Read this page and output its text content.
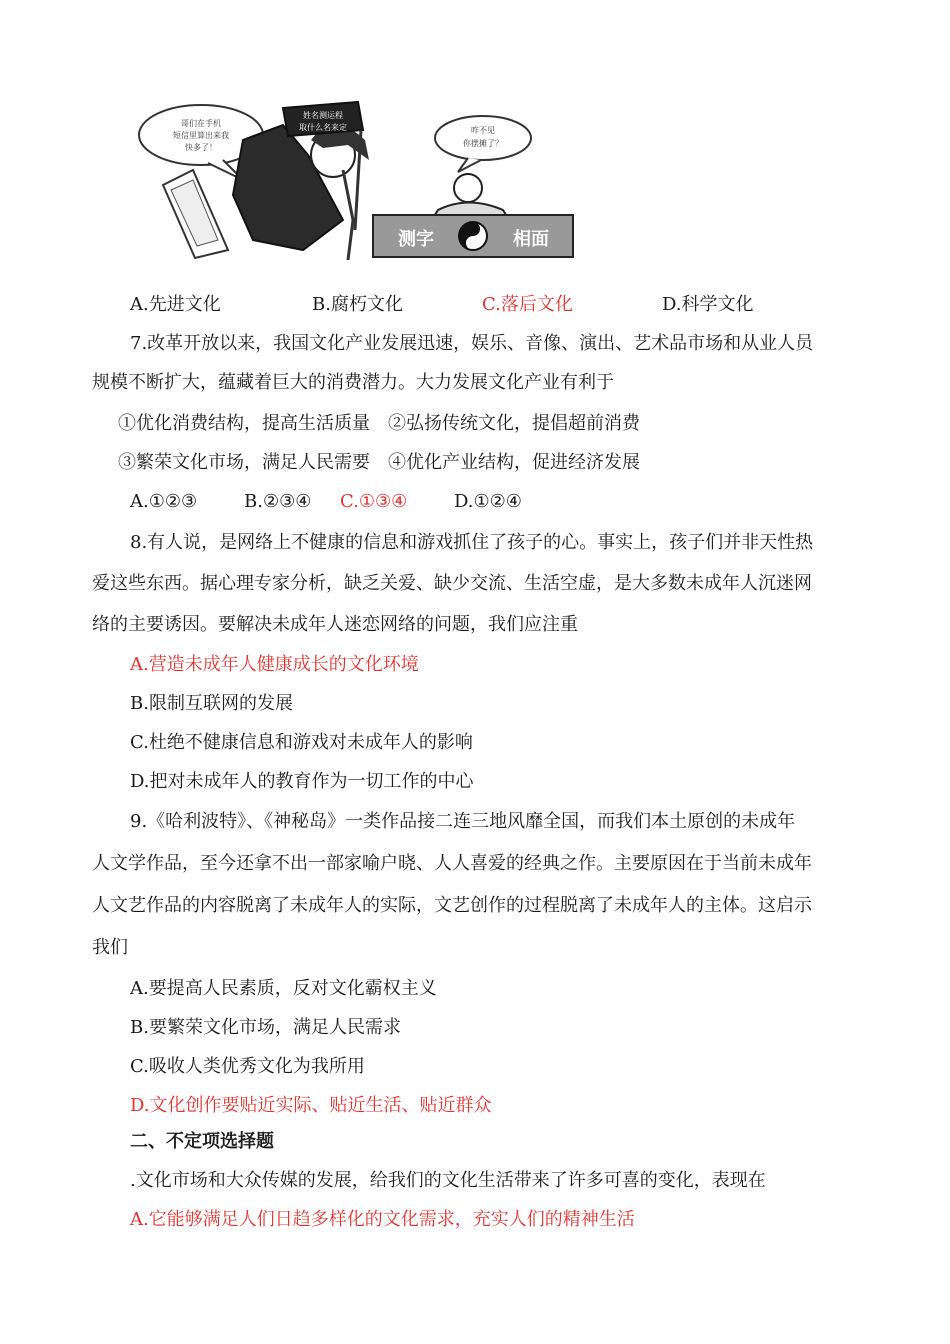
哥们在手机
短信里算出来我
快多了！
姓名测运程
取什么名来定	咋不见
你摆摊了？
测字	相面
A.先进文化	B.腐朽文化	C.落后文化	D.科学文化
7.改革开放以来，我国文化产业发展迅速，娱乐、音像、演出、艺术品市场和从业人员
规模不断扩大，蕴藏着巨大的消费潜力。大力发展文化产业有利于
①优化消费结构，提高生活质量　②弘扬传统文化，提倡超前消费
③繁荣文化市场，满足人民需要　④优化产业结构，促进经济发展
A.①②③	B.②③④ C.①③④	D.①②④
8.有人说，是网络上不健康的信息和游戏抓住了孩子的心。事实上，孩子们并非天性热
爱这些东西。据心理专家分析，缺乏关爱、缺少交流、生活空虚，是大多数未成年人沉迷网
络的主要诱因。要解决未成年人迷恋网络的问题，我们应注重
A.营造未成年人健康成长的文化环境
B.限制互联网的发展
C.杜绝不健康信息和游戏对未成年人的影响
D.把对未成年人的教育作为一切工作的中心
9.《哈利波特》、《神秘岛》一类作品接二连三地风靡全国，而我们本土原创的未成年
人文学作品，至今还拿不出一部家喻户晓、人人喜爱的经典之作。主要原因在于当前未成年
人文艺作品的内容脱离了未成年人的实际，文艺创作的过程脱离了未成年人的主体。这启示
我们
A.要提高人民素质，反对文化霸权主义
B.要繁荣文化市场，满足人民需求
C.吸收人类优秀文化为我所用
D.文化创作要贴近实际、贴近生活、贴近群众
二、不定项选择题
.文化市场和大众传媒的发展，给我们的文化生活带来了许多可喜的变化，表现在
A.它能够满足人们日趋多样化的文化需求，充实人们的精神生活
